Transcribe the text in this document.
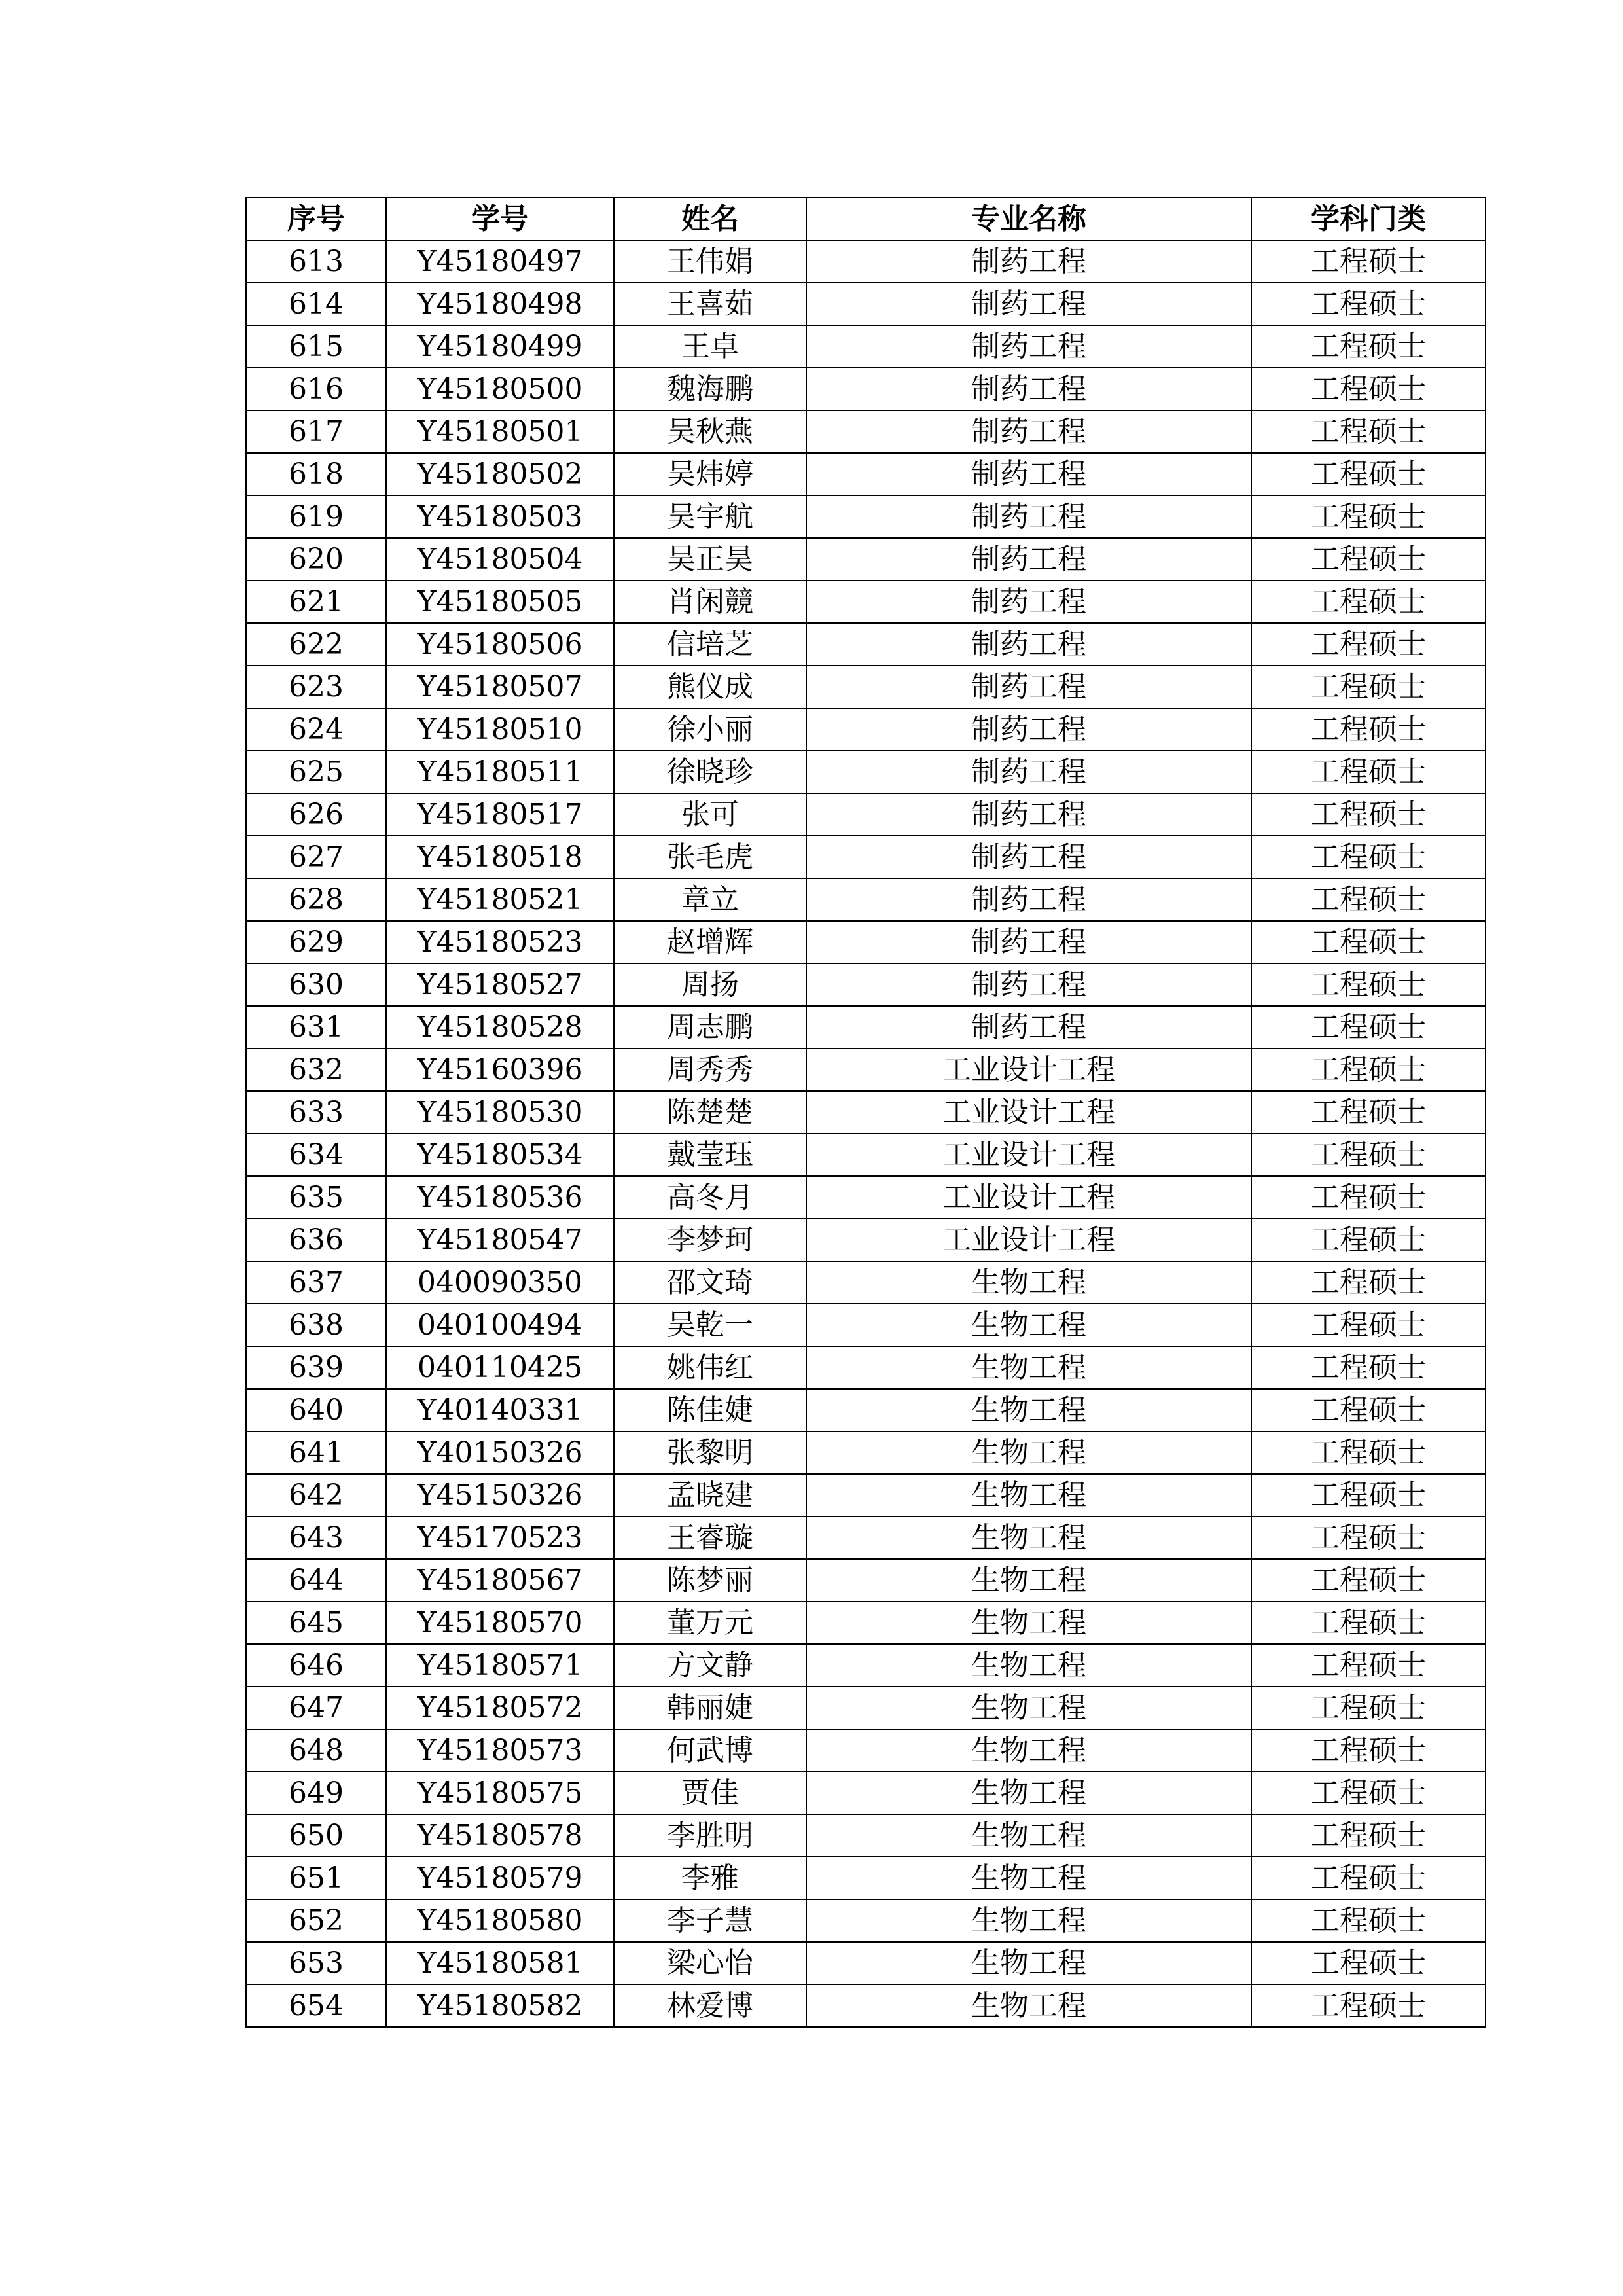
序号	学号	姓名	专业名称	学科门类
613	Y45180497	王伟娟	制药工程	工程硕士
614	Y45180498	王喜茹	制药工程	工程硕士
615	Y45180499	王卓	制药工程	工程硕士
616	Y45180500	魏海鹏	制药工程	工程硕士
617	Y45180501	吴秋燕	制药工程	工程硕士
618	Y45180502	吴炜婷	制药工程	工程硕士
619	Y45180503	吴宇航	制药工程	工程硕士
620	Y45180504	吴正昊	制药工程	工程硕士
621	Y45180505	肖闲竸	制药工程	工程硕士
622	Y45180506	信培芝	制药工程	工程硕士
623	Y45180507	熊仪成	制药工程	工程硕士
624	Y45180510	徐小丽	制药工程	工程硕士
625	Y45180511	徐晓珍	制药工程	工程硕士
626	Y45180517	张可	制药工程	工程硕士
627	Y45180518	张毛虎	制药工程	工程硕士
628	Y45180521	章立	制药工程	工程硕士
629	Y45180523	赵增辉	制药工程	工程硕士
630	Y45180527	周扬	制药工程	工程硕士
631	Y45180528	周志鹏	制药工程	工程硕士
632	Y45160396	周秀秀	工业设计工程	工程硕士
633	Y45180530	陈楚楚	工业设计工程	工程硕士
634	Y45180534	戴莹珏	工业设计工程	工程硕士
635	Y45180536	高冬月	工业设计工程	工程硕士
636	Y45180547	李梦珂	工业设计工程	工程硕士
637	040090350	邵文琦	生物工程	工程硕士
638	040100494	吴乾一	生物工程	工程硕士
639	040110425	姚伟红	生物工程	工程硕士
640	Y40140331	陈佳婕	生物工程	工程硕士
641	Y40150326	张黎明	生物工程	工程硕士
642	Y45150326	孟晓建	生物工程	工程硕士
643	Y45170523	王睿璇	生物工程	工程硕士
644	Y45180567	陈梦丽	生物工程	工程硕士
645	Y45180570	董万元	生物工程	工程硕士
646	Y45180571	方文静	生物工程	工程硕士
647	Y45180572	韩丽婕	生物工程	工程硕士
648	Y45180573	何武博	生物工程	工程硕士
649	Y45180575	贾佳	生物工程	工程硕士
650	Y45180578	李胜明	生物工程	工程硕士
651	Y45180579	李雅	生物工程	工程硕士
652	Y45180580	李子慧	生物工程	工程硕士
653	Y45180581	梁心怡	生物工程	工程硕士
654	Y45180582	林爱博	生物工程	工程硕士
